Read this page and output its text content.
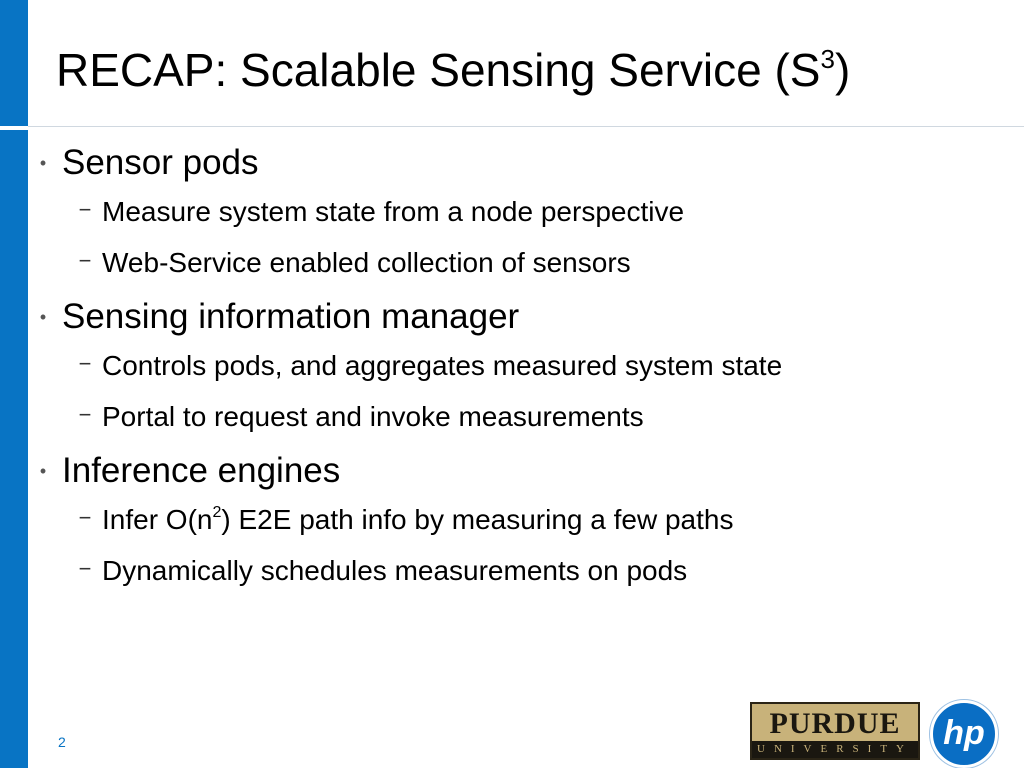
RECAP: Scalable Sensing Service $(S^3)$
• Sensor pods
− Measure system state from a node perspective
− Web-Service enabled collection of sensors
• Sensing information manager
− Controls pods, and aggregates measured system state
− Portal to request and invoke measurements
• Inference engines
− Infer $O(n^2)$ E2E path info by measuring a few paths
− Dynamically schedules measurements on pods
2
PURDUE
UNIVERSITY hp
